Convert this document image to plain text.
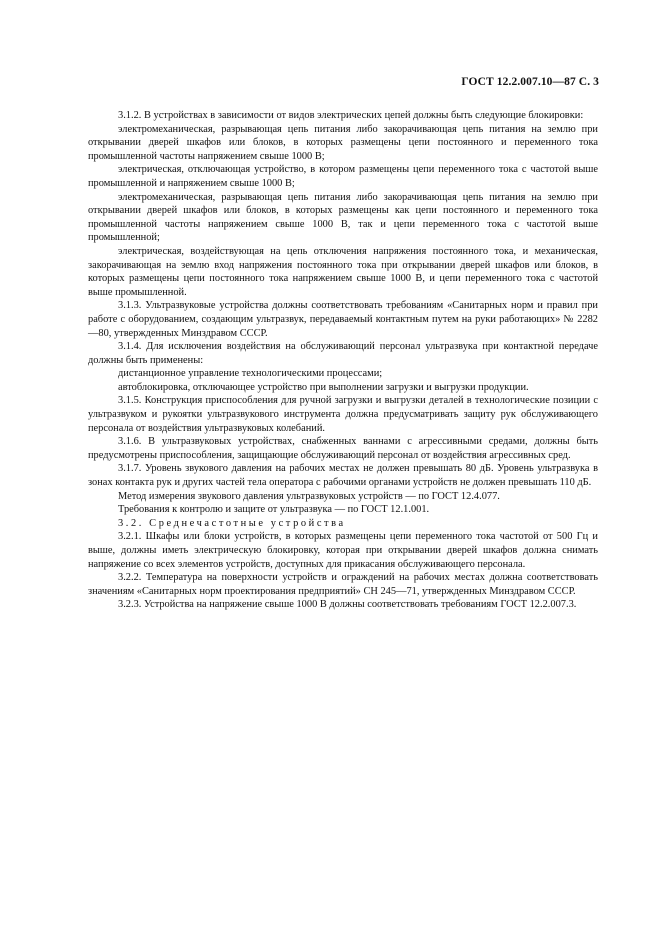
ГОСТ 12.2.007.10—87 С. 3

3.1.2. В устройствах в зависимости от видов электрических цепей должны быть следующие блокировки:

электромеханическая, разрывающая цепь питания либо закорачивающая цепь питания на землю при открывании дверей шкафов или блоков, в которых размещены цепи постоянного и переменного тока промышленной частоты напряжением свыше 1000 В;

электрическая, отключающая устройство, в котором размещены цепи переменного тока с частотой выше промышленной и напряжением свыше 1000 В;

электромеханическая, разрывающая цепь питания либо закорачивающая цепь питания на землю при открывании дверей шкафов или блоков, в которых размещены как цепи постоянного и переменного тока промышленной частоты напряжением свыше 1000 В, так и цепи переменного тока с частотой выше промышленной;

электрическая, воздействующая на цепь отключения напряжения постоянного тока, и механическая, закорачивающая на землю вход напряжения постоянного тока при открывании дверей шкафов или блоков, в которых размещены цепи постоянного тока напряжением свыше 1000 В, и цепи переменного тока с частотой выше промышленной.

3.1.3. Ультразвуковые устройства должны соответствовать требованиям «Санитарных норм и правил при работе с оборудованием, создающим ультразвук, передаваемый контактным путем на руки работающих» № 2282—80, утвержденных Минздравом СССР.

3.1.4. Для исключения воздействия на обслуживающий персонал ультразвука при контактной передаче должны быть применены:

дистанционное управление технологическими процессами;

автоблокировка, отключающее устройство при выполнении загрузки и выгрузки продукции.

3.1.5. Конструкция приспособления для ручной загрузки и выгрузки деталей в технологические позиции с ультразвуком и рукоятки ультразвукового инструмента должна предусматривать защиту рук обслуживающего персонала от воздействия ультразвуковых колебаний.

3.1.6. В ультразвуковых устройствах, снабженных ваннами с агрессивными средами, должны быть предусмотрены приспособления, защищающие обслуживающий персонал от воздействия агрессивных сред.

3.1.7. Уровень звукового давления на рабочих местах не должен превышать 80 дБ. Уровень ультразвука в зонах контакта рук и других частей тела оператора с рабочими органами устройств не должен превышать 110 дБ.

Метод измерения звукового давления ультразвуковых устройств — по ГОСТ 12.4.077.

Требования к контролю и защите от ультразвука — по ГОСТ 12.1.001.

3.2. Среднечастотные устройства

3.2.1. Шкафы или блоки устройств, в которых размещены цепи переменного тока частотой от 500 Гц и выше, должны иметь электрическую блокировку, которая при открывании дверей шкафов должна снимать напряжение со всех элементов устройств, доступных для прикасания обслуживающего персонала.

3.2.2. Температура на поверхности устройств и ограждений на рабочих местах должна соответствовать значениям «Санитарных норм проектирования предприятий» СН 245—71, утвержденных Минздравом СССР.

3.2.3. Устройства на напряжение свыше 1000 В должны соответствовать требованиям ГОСТ 12.2.007.3.
